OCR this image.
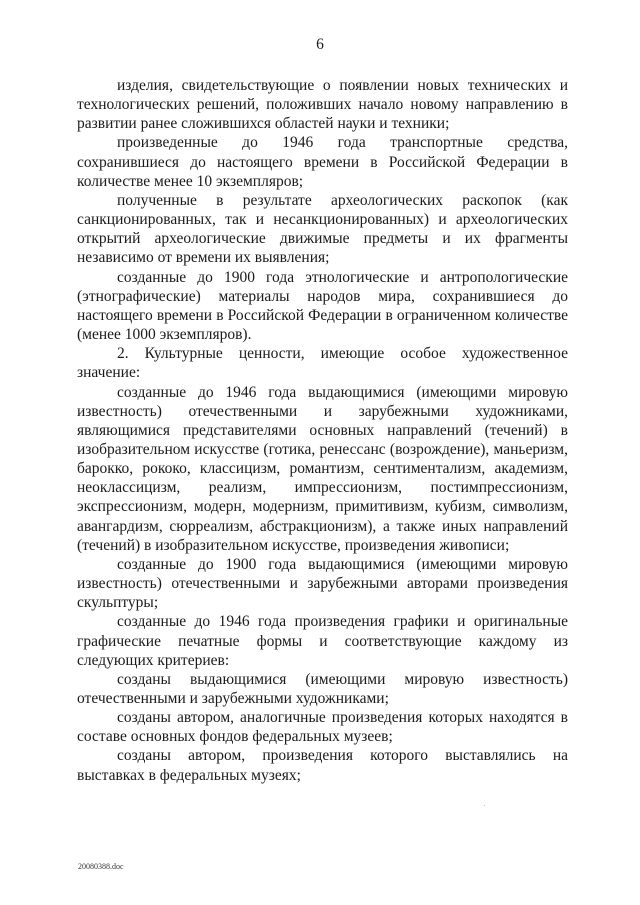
6

изделия, свидетельствующие о появлении новых технических и технологических решений, положивших начало новому направлению в развитии ранее сложившихся областей науки и техники;

произведенные до 1946 года транспортные средства, сохранившиеся до настоящего времени в Российской Федерации в количестве менее 10 экземпляров;

полученные в результате археологических раскопок (как санкционированных, так и несанкционированных) и археологических открытий археологические движимые предметы и их фрагменты независимо от времени их выявления;

созданные до 1900 года этнологические и антропологические (этнографические) материалы народов мира, сохранившиеся до настоящего времени в Российской Федерации в ограниченном количестве (менее 1000 экземпляров).

2. Культурные ценности, имеющие особое художественное значение:

созданные до 1946 года выдающимися (имеющими мировую известность) отечественными и зарубежными художниками, являющимися представителями основных направлений (течений) в изобразительном искусстве (готика, ренессанс (возрождение), маньеризм, барокко, рококо, классицизм, романтизм, сентиментализм, академизм, неоклассицизм, реализм, импрессионизм, постимпрессионизм, экспрессионизм, модерн, модернизм, примитивизм, кубизм, символизм, авангардизм, сюрреализм, абстракционизм), а также иных направлений (течений) в изобразительном искусстве, произведения живописи;

созданные до 1900 года выдающимися (имеющими мировую известность) отечественными и зарубежными авторами произведения скульптуры;

созданные до 1946 года произведения графики и оригинальные графические печатные формы и соответствующие каждому из следующих критериев:

созданы выдающимися (имеющими мировую известность) отечественными и зарубежными художниками;

созданы автором, аналогичные произведения которых находятся в составе основных фондов федеральных музеев;

созданы автором, произведения которого выставлялись на выставках в федеральных музеях;

20080388.doc
